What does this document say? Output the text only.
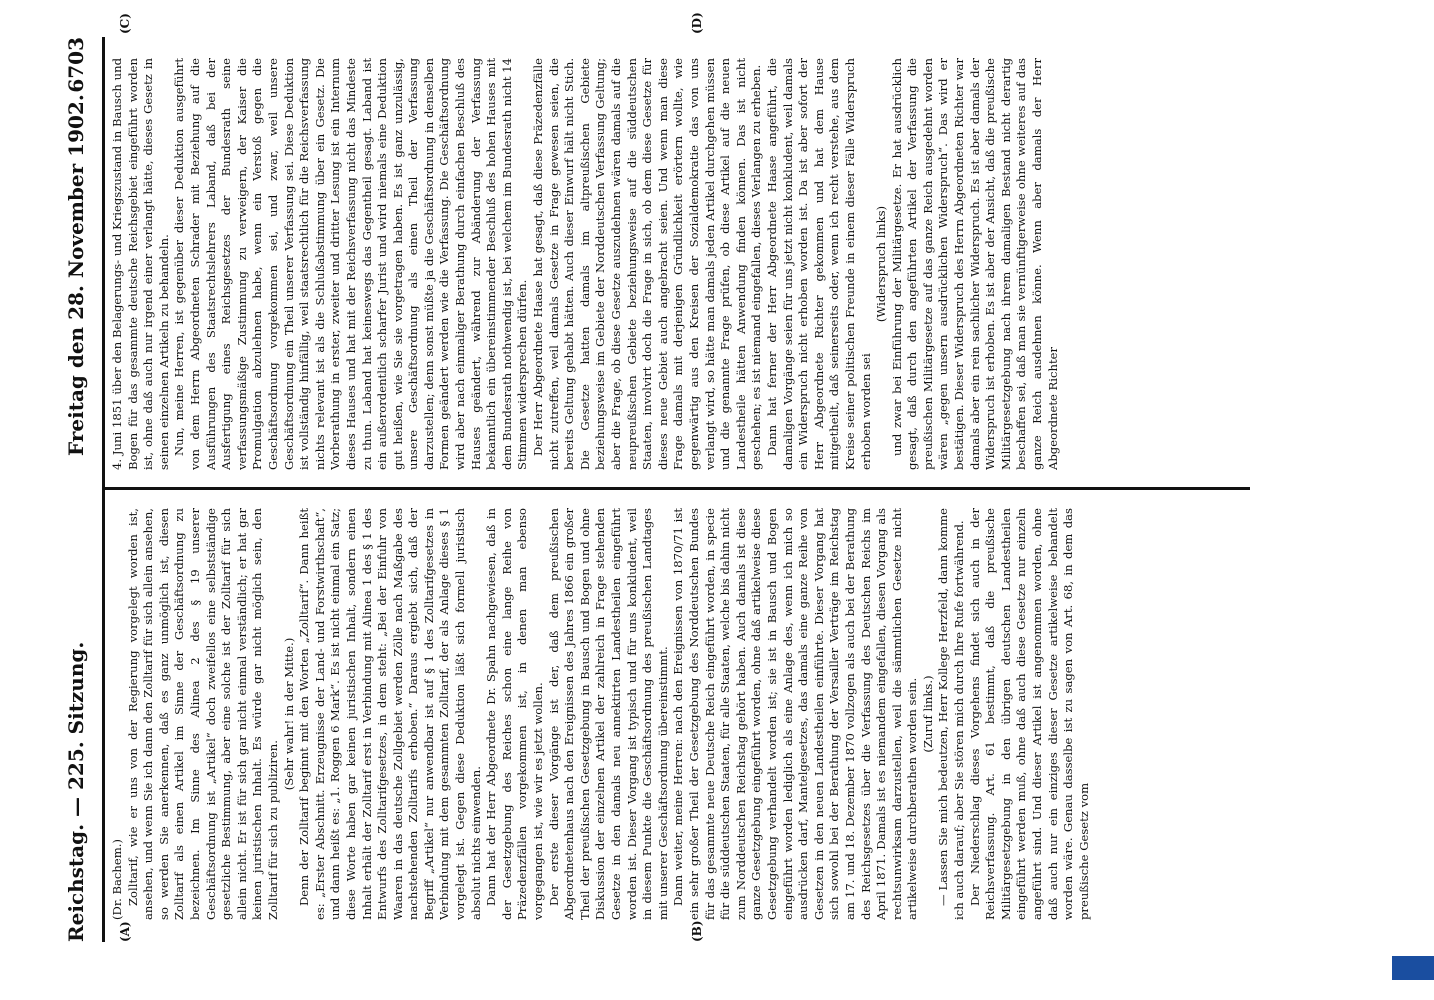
Reichstag. — 225. Sitzung.
Freitag den 28. November 1902.
6703
(A)	(B)
(C)	(D)

(Dr. Bachem.) Zolltarif, wie er uns von der Regierung vorgelegt worden ist, ansehen, und wenn Sie ich dann den Zolltarif für sich allein ansehen, so werden Sie anerkennen, daß es ganz unmöglich ist, diesen Zolltarif als einen Artikel im Sinne der Geschäftsordnung zu bezeichnen. Im Sinne des Alinea 2 des § 19 unserer Geschäftsordnung ist „Artikel“ doch zweifellos eine selbstständige gesetzliche Bestimmung, aber eine solche ist der Zolltarif für sich allein nicht. Er ist für sich gar nicht einmal verständlich; er hat gar keinen juristischen Inhalt. Es würde gar nicht möglich sein, den Zolltarif für sich zu publiziren.

(Sehr wahr! in der Mitte.) Denn der Zolltarif beginnt mit den Worten „Zolltarif“. Dann heißt es: „Erster Abschnitt. Erzeugnisse der Land- und Forstwirthschaft“, und dann heißt es: „1. Roggen 6 Mark“. Es ist nicht einmal ein Satz; diese Worte haben gar keinen juristischen Inhalt, sondern einen Inhalt erhält der Zolltarif erst in Verbindung mit Alinea 1 des § 1 des Entwurfs des Zolltarifgesetzes, in dem steht: „Bei der Einfuhr von Waaren in das deutsche Zollgebiet werden Zölle nach Maßgabe des nachstehenden Zolltarifs erhoben.“ Daraus ergiebt sich, daß der Begriff „Artikel“ nur anwendbar ist auf § 1 des Zolltarifgesetzes in Verbindung mit dem gesammten Zolltarif, der als Anlage dieses § 1 vorgelegt ist. Gegen diese Deduktion läßt sich formell juristisch absolut nichts einwenden. Dann hat der Herr Abgeordnete Dr. Spahn nachgewiesen, daß in der Gesetzgebung des Reiches schon eine lange Reihe von Präzedenzfällen vorgekommen ist, in denen man ebenso vorgegangen ist, wie wir es jetzt wollen. Der erste dieser Vorgänge ist der, daß dem preußischen Abgeordnetenhaus nach den Ereignissen des Jahres 1866 ein großer Theil der preußischen Gesetzgebung in Bausch und Bogen und ohne Diskussion der einzelnen Artikel der zahlreich in Frage stehenden Gesetze in den damals neu annektirten Landestheilen eingeführt worden ist. Dieser Vorgang ist typisch und für uns konkludent, weil in diesem Punkte die Geschäftsordnung des preußischen Landtages mit unserer Geschäftsordnung übereinstimmt. Dann weiter, meine Herren: nach den Ereignissen von 1870/71 ist ein sehr großer Theil der Gesetzgebung des Norddeutschen Bundes für das gesammte neue Deutsche Reich eingeführt worden, in specie für die süddeutschen Staaten, für alle Staaten, welche bis dahin nicht zum Norddeutschen Reichstag gehört haben. Auch damals ist diese ganze Gesetzgebung eingeführt worden, ohne daß artikelweise diese Gesetzgebung verhandelt worden ist; sie ist in Bausch und Bogen eingeführt worden lediglich als eine Anlage des, wenn ich mich so ausdrücken darf, Mantelgesetzes, das damals eine ganze Reihe von Gesetzen in den neuen Landestheilen einführte. Dieser Vorgang hat sich sowohl bei der Berathung der Versailler Verträge im Reichstag am 17. und 18. Dezember 1870 vollzogen als auch bei der Berathung des Reichsgesetzes über die Verfassung des Deutschen Reichs im April 1871. Damals ist es niemandem eingefallen, diesen Vorgang als rechtsunwirksam darzustellen, weil die sämmtlichen Gesetze nicht artikelweise durchberathen worden sein. (Zuruf links.) — Lassen Sie mich bedeutzen, Herr Kollege Herzfeld, dann komme ich auch darauf; aber Sie stören mich durch Ihre Rufe fortwährend. Der Niederschlag dieses Vorgehens findet sich auch in der Reichsverfassung. Art. 61 bestimmt, daß die preußische Militärgesetzgebung in den übrigen deutschen Landestheilen eingeführt werden muß, ohne daß auch diese Gesetze nur einzeln angeführt sind. Und dieser Artikel ist angenommen worden, ohne daß auch nur ein einziges dieser Gesetze artikelweise behandelt worden wäre. Genau dasselbe ist zu sagen von Art. 68, in dem das preußische Gesetz vom

4. Juni 1851 über den Belagerungs- und Kriegszustand in Bausch und Bogen für das gesammte deutsche Reichsgebiet eingeführt worden ist, ohne daß auch nur irgend einer verlangt hätte, dieses Gesetz in seinen einzelnen Artikeln zu behandeln. Nun, meine Herren, ist gegenüber dieser Deduktion ausgeführt von dem Herrn Abgeordneten Schrader mit Beziehung auf die Ausführungen des Staatsrechtslehrers Laband, daß bei der Ausfertigung eines Reichsgesetzes der Bundesrath seine verfassungsmäßige Zustimmung zu verweigern, der Kaiser die Promulgation abzulehnen habe, wenn ein Verstoß gegen die Geschäftsordnung vorgekommen sei, und zwar, weil unsere Geschäftsordnung ein Theil unserer Verfassung sei. Diese Deduktion ist vollständig hinfällig, weil staatsrechtlich für die Reichsverfassung nichts relevant ist als die Schlußabstimmung über ein Gesetz. Die Vorberathung in erster, zweiter und dritter Lesung ist ein Internum dieses Hauses und hat mit der Reichsverfassung nicht das Mindeste zu thun. Laband hat keineswegs das Gegentheil gesagt. Laband ist ein außerordentlich scharfer Jurist und wird niemals eine Deduktion gut heißen, wie Sie sie vorgetragen haben. Es ist ganz unzulässig, unsere Geschäftsordnung als einen Theil der Verfassung darzustellen; denn sonst müßte ja die Geschäftsordnung in denselben Formen geändert werden wie die Verfassung. Die Geschäftsordnung wird aber nach einmaliger Berathung durch einfachen Beschluß des Hauses geändert, während zur Abänderung der Verfassung bekanntlich ein übereinstimmender Beschluß des hohen Hauses mit dem Bundesrath nothwendig ist, bei welchem im Bundesrath nicht 14 Stimmen widersprechen dürfen. Der Herr Abgeordnete Haase hat gesagt, daß diese Präzedenzfälle nicht zutreffen, weil damals Gesetze in Frage gewesen seien, die bereits Geltung gehabt hätten. Auch dieser Einwurf hält nicht Stich. Die Gesetze hatten damals im altpreußischen Gebiete beziehungsweise im Gebiete der Norddeutschen Verfassung Geltung; aber die Frage, ob diese Gesetze auszudehnen wären damals auf die neupreußischen Gebiete beziehungsweise auf die süddeutschen Staaten, involvirt doch die Frage in sich, ob dem diese Gesetze für dieses neue Gebiet auch angebracht seien. Und wenn man diese Frage damals mit derjenigen Gründlichkeit erörtern wollte, wie gegenwärtig aus den Kreisen der Sozialdemokratie das von uns verlangt wird, so hätte man damals jeden Artikel durchgehen müssen und die genannte Frage prüfen, ob diese Artikel auf die neuen Landestheile hätten Anwendung finden können. Das ist nicht geschehen; es ist niemand eingefallen, dieses Verlangen zu erheben. Dann hat ferner der Herr Abgeordnete Haase angeführt, die damaligen Vorgänge seien für uns jetzt nicht konkludent, weil damals ein Widerspruch nicht erhoben worden ist. Da ist aber sofort der Herr Abgeordnete Richter gekommen und hat dem Hause mitgetheilt, daß seinerseits oder, wenn ich recht verstehe, aus dem Kreise seiner politischen Freunde in einem dieser Fälle Widerspruch erhoben worden sei

(Widerspruch links) und zwar bei Einführung der Militärgesetze. Er hat ausdrücklich gesagt, daß durch den angeführten Artikel der Verfassung die preußischen Militärgesetze auf das ganze Reich ausgedehnt worden wären „gegen unsern ausdrücklichen Widerspruch“. Das wird er bestätigen. Dieser Widerspruch des Herrn Abgeordneten Richter war damals aber ein rein sachlicher Widerspruch. Es ist aber damals der Widerspruch ist erhoben. Es ist aber der Ansicht, daß die preußische Militärgesetzgebung nach ihrem damaligen Bestand nicht derartig beschaffen sei, daß man sie vernünftigerweise ohne weiteres auf das ganze Reich ausdehnen könne. Wenn aber damals der Herr Abgeordnete Richter
